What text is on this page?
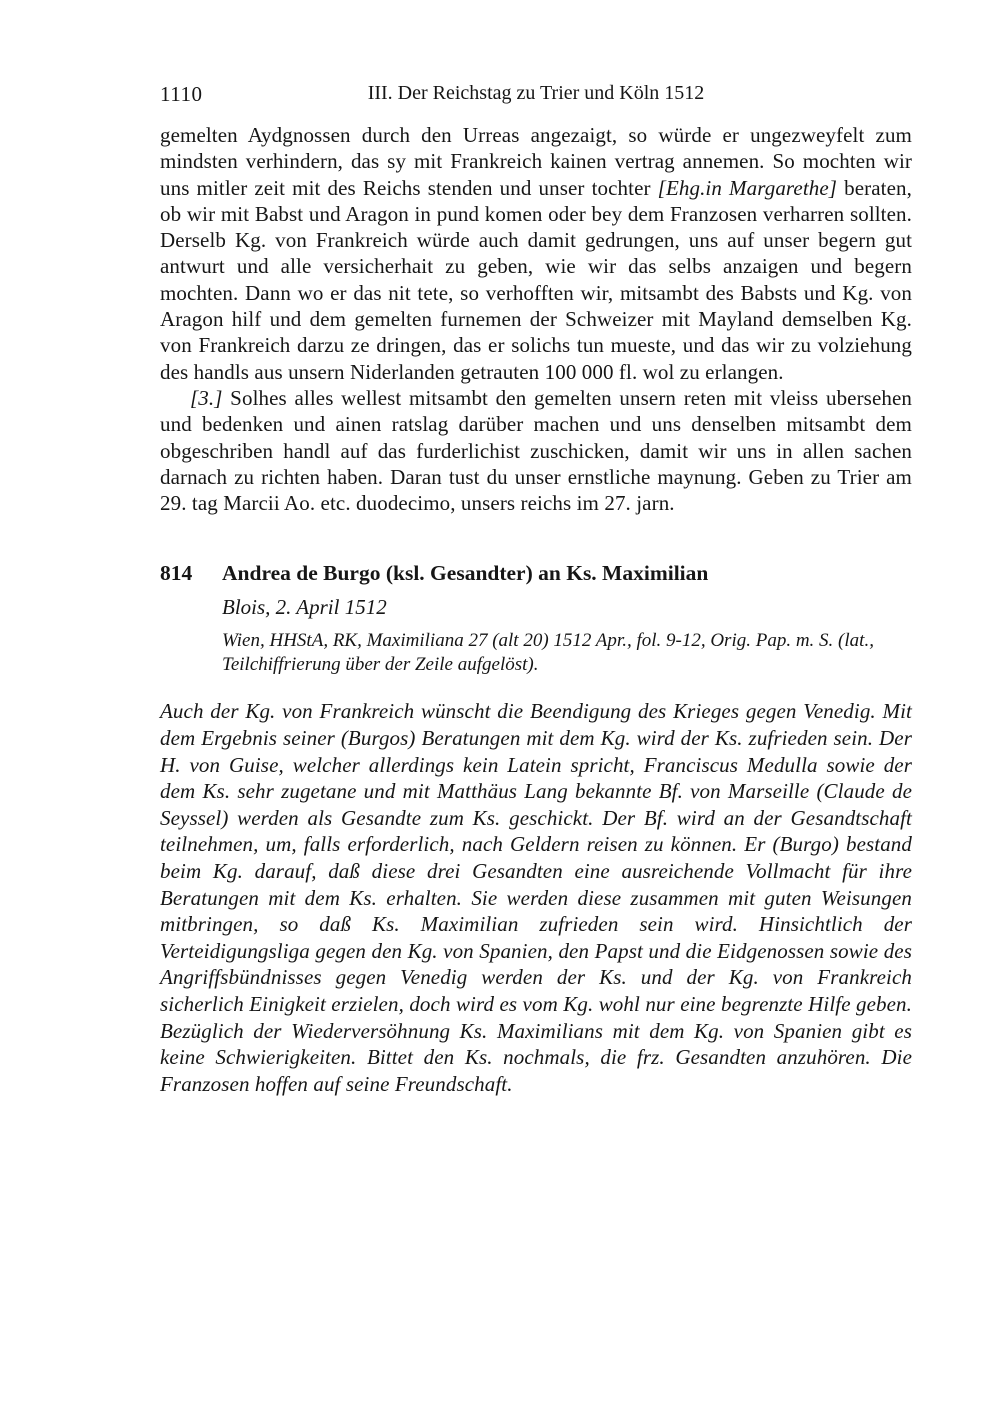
1110	III. Der Reichstag zu Trier und Köln 1512

gemelten Aydgnossen durch den Urreas angezaigt, so würde er ungezweyfelt zum mindsten verhindern, das sy mit Frankreich kainen vertrag annemen. So mochten wir uns mitler zeit mit des Reichs stenden und unser tochter [Ehg.in Margarethe] beraten, ob wir mit Babst und Aragon in pund komen oder bey dem Franzosen verharren sollten. Derselb Kg. von Frankreich würde auch damit gedrungen, uns auf unser begern gut antwurt und alle versicherhait zu geben, wie wir das selbs anzaigen und begern mochten. Dann wo er das nit tete, so verhofften wir, mitsambt des Babsts und Kg. von Aragon hilf und dem gemelten furnemen der Schweizer mit Mayland demselben Kg. von Frankreich darzu ze dringen, das er solichs tun mueste, und das wir zu volziehung des handls aus unsern Niderlanden getrauten 100 000 fl. wol zu erlangen.

[3.] Solhes alles wellest mitsambt den gemelten unsern reten mit vleiss ubersehen und bedenken und ainen ratslag darüber machen und uns denselben mitsambt dem obgeschriben handl auf das furderlichist zuschicken, damit wir uns in allen sachen darnach zu richten haben. Daran tust du unser ernstliche maynung. Geben zu Trier am 29. tag Marcii Ao. etc. duodecimo, unsers reichs im 27. jarn.

814	Andrea de Burgo (ksl. Gesandter) an Ks. Maximilian

Blois, 2. April 1512

Wien, HHStA, RK, Maximiliana 27 (alt 20) 1512 Apr., fol. 9-12, Orig. Pap. m. S. (lat., Teilchiffrierung über der Zeile aufgelöst).

Auch der Kg. von Frankreich wünscht die Beendigung des Krieges gegen Venedig. Mit dem Ergebnis seiner (Burgos) Beratungen mit dem Kg. wird der Ks. zufrieden sein. Der H. von Guise, welcher allerdings kein Latein spricht, Franciscus Medulla sowie der dem Ks. sehr zugetane und mit Matthäus Lang bekannte Bf. von Marseille (Claude de Seyssel) werden als Gesandte zum Ks. geschickt. Der Bf. wird an der Gesandtschaft teilnehmen, um, falls erforderlich, nach Geldern reisen zu können. Er (Burgo) bestand beim Kg. darauf, daß diese drei Gesandten eine ausreichende Vollmacht für ihre Beratungen mit dem Ks. erhalten. Sie werden diese zusammen mit guten Weisungen mitbringen, so daß Ks. Maximilian zufrieden sein wird. Hinsichtlich der Verteidigungsliga gegen den Kg. von Spanien, den Papst und die Eidgenossen sowie des Angriffsbündnisses gegen Venedig werden der Ks. und der Kg. von Frankreich sicherlich Einigkeit erzielen, doch wird es vom Kg. wohl nur eine begrenzte Hilfe geben. Bezüglich der Wiederversöhnung Ks. Maximilians mit dem Kg. von Spanien gibt es keine Schwierigkeiten. Bittet den Ks. nochmals, die frz. Gesandten anzuhören. Die Franzosen hoffen auf seine Freundschaft.
